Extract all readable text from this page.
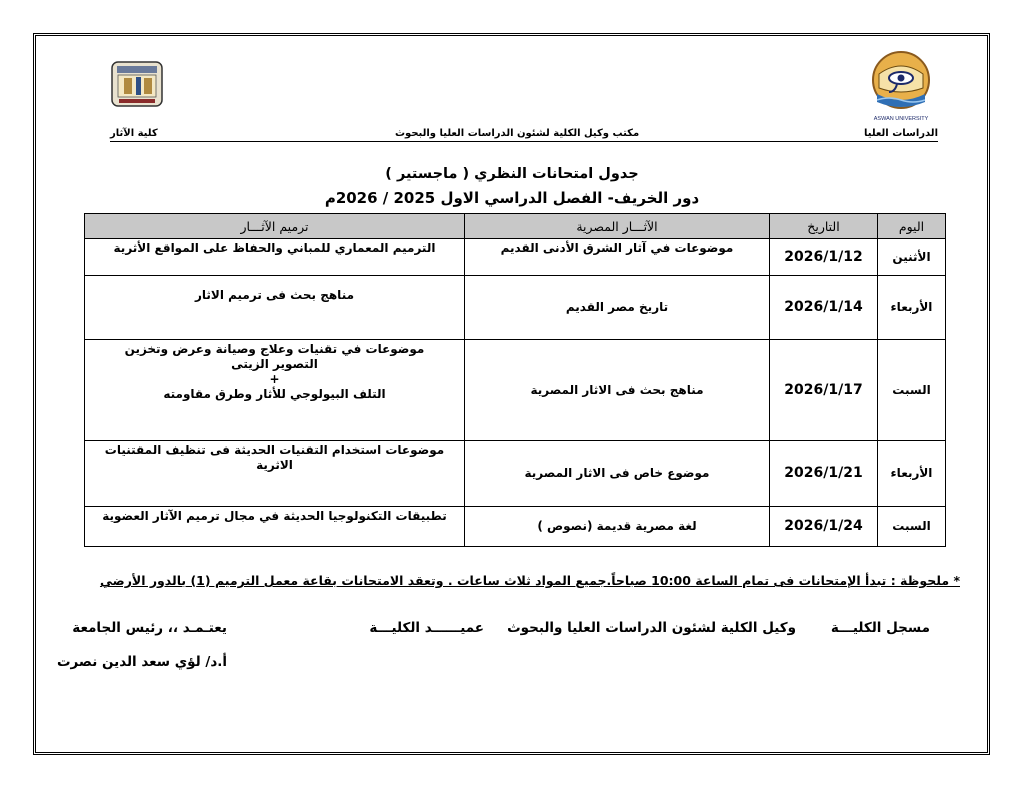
ASWAN UNIVERSITY
كلية الآثار	مكتب وكيل الكلية لشئون الدراسات العليا والبحوث	الدراسات العليا
جدول امتحانات النظري ( ماجستير )
دور الخريف- الفصل الدراسي الاول 2025 / 2026م
اليوم	التاريخ	الآثـــار المصرية	ترميم الآثـــار
الأثنين	2026/1/12	موضوعات في آثار الشرق الأدنى القديم	الترميم المعماري للمباني والحفاظ على المواقع الأثرية
الأربعاء	2026/1/14	تاريخ مصر القديم	مناهج بحث فى ترميم الاثار
السبت	2026/1/17	مناهج بحث فى الاثار المصرية	موضوعات في تقنيات وعلاج وصيانة وعرض وتخزين
التصوير الزيتى
+
التلف البيولوجي للأثار وطرق مقاومته

الأربعاء	2026/1/21	موضوع خاص فى الاثار المصرية	موضوعات استخدام التقنيات الحديثة فى تنظيف المقتنيات
الاثرية

السبت	2026/1/24	لغة مصرية قديمة (نصوص )	تطبيقات التكنولوجيا الحديثة في مجال ترميم الآثار العضوية
* ملحوظة : تبدأ الإمتحانات فى تمام الساعة 10:00 صباحاً.جميع المواد ثلاث ساعات . وتعقد الامتحانات بقاعة معمل الترميم (1) بالدور الأرضي
مسجل الكليـــة
وكيل الكلية لشئون الدراسات العليا والبحوث
عميــــــد الكليـــة
يعتـمـد ،، رئيس الجامعة
أ.د/ لؤي سعد الدين نصرت
